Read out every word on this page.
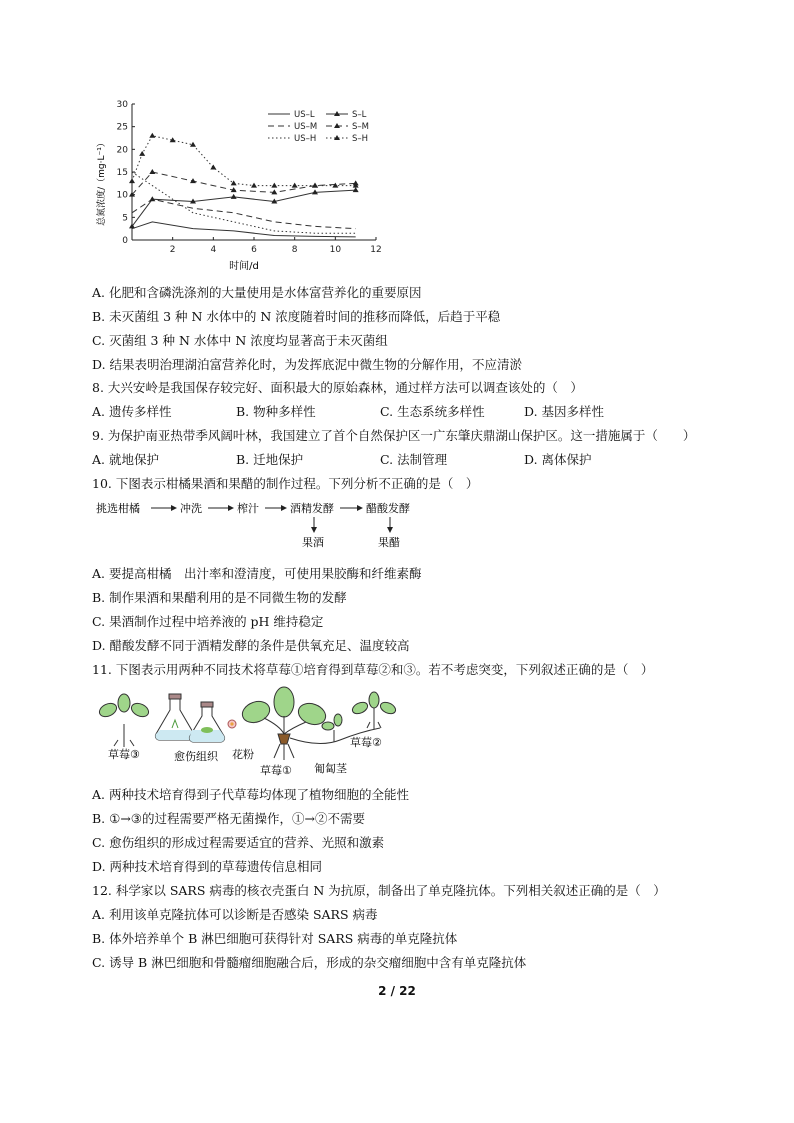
0
5
10
15
20
25
30
2	4	6	8	10	12
US–L	S–L
US–M	S–M
US–H	S–H
时间/d
总氮浓度/（mg·L⁻¹）
A. 化肥和含磷洗涤剂的大量使用是水体富营养化的重要原因
B. 未灭菌组 3 种 N 水体中的 N 浓度随着时间的推移而降低，后趋于平稳
C. 灭菌组 3 种 N 水体中 N 浓度均显著高于未灭菌组
D. 结果表明治理湖泊富营养化时，为发挥底泥中微生物的分解作用，不应清淤
8. 大兴安岭是我国保存较完好、面积最大的原始森林，通过样方法可以调查该处的（　）
A. 遗传多样性	B. 物种多样性	C. 生态系统多样性	D. 基因多样性
9. 为保护南亚热带季风阔叶林，我国建立了首个自然保护区一广东肇庆鼎湖山保护区。这一措施属于（　　）
A. 就地保护	B. 迁地保护	C. 法制管理	D. 离体保护
10. 下图表示柑橘果酒和果醋的制作过程。下列分析不正确的是（　）
挑选柑橘	冲洗	榨汁	酒精发酵	醋酸发酵
果酒	果醋
A. 要提高柑橘　出汁率和澄清度，可使用果胶酶和纤维素酶
B. 制作果酒和果醋利用的是不同微生物的发酵
C. 果酒制作过程中培养液的 pH 维持稳定
D. 醋酸发酵不同于酒精发酵的条件是供氧充足、温度较高
11. 下图表示用两种不同技术将草莓①培育得到草莓②和③。若不考虑突变，下列叙述正确的是（　）
草莓③	愈伤组织 花粉
草莓① 匍匐茎
草莓②
A. 两种技术培育得到子代草莓均体现了植物细胞的全能性
B. ①→③的过程需要严格无菌操作，①→②不需要
C. 愈伤组织的形成过程需要适宜的营养、光照和激素
D. 两种技术培育得到的草莓遗传信息相同
12. 科学家以 SARS 病毒的核衣壳蛋白 N 为抗原，制备出了单克隆抗体。下列相关叙述正确的是（　）
A. 利用该单克隆抗体可以诊断是否感染 SARS 病毒
B. 体外培养单个 B 淋巴细胞可获得针对 SARS 病毒的单克隆抗体
C. 诱导 B 淋巴细胞和骨髓瘤细胞融合后，形成的杂交瘤细胞中含有单克隆抗体
2 / 22
